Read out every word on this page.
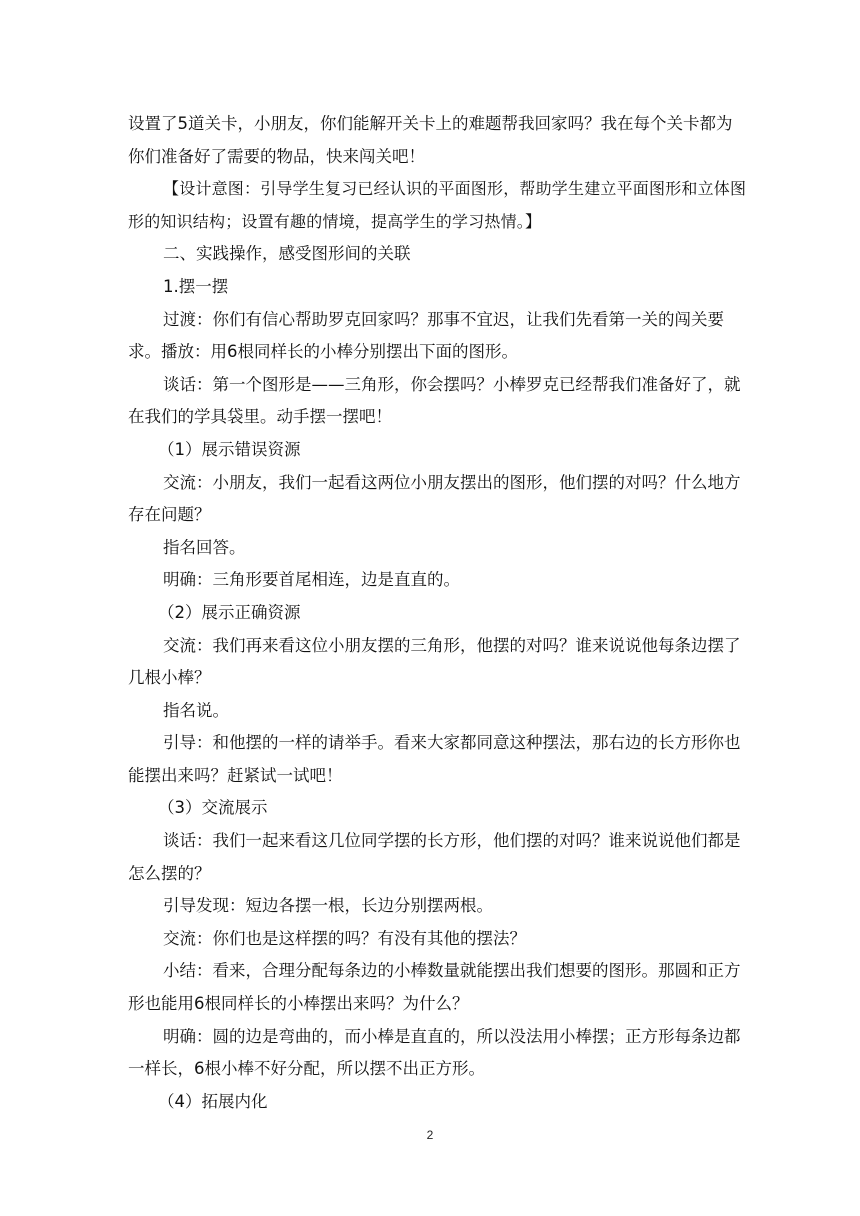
设置了5道关卡，小朋友，你们能解开关卡上的难题帮我回家吗？我在每个关卡都为你们准备好了需要的物品，快来闯关吧！

【设计意图：引导学生复习已经认识的平面图形，帮助学生建立平面图形和立体图形的知识结构；设置有趣的情境，提高学生的学习热情。】

二、实践操作，感受图形间的关联

1.摆一摆

过渡：你们有信心帮助罗克回家吗？那事不宜迟，让我们先看第一关的闯关要求。播放：用6根同样长的小棒分别摆出下面的图形。

谈话：第一个图形是——三角形，你会摆吗？小棒罗克已经帮我们准备好了，就在我们的学具袋里。动手摆一摆吧！

（1）展示错误资源

交流：小朋友，我们一起看这两位小朋友摆出的图形，他们摆的对吗？什么地方存在问题？

指名回答。

明确：三角形要首尾相连，边是直直的。

（2）展示正确资源

交流：我们再来看这位小朋友摆的三角形，他摆的对吗？谁来说说他每条边摆了几根小棒？

指名说。

引导：和他摆的一样的请举手。看来大家都同意这种摆法，那右边的长方形你也能摆出来吗？赶紧试一试吧！

（3）交流展示

谈话：我们一起来看这几位同学摆的长方形，他们摆的对吗？谁来说说他们都是怎么摆的？

引导发现：短边各摆一根，长边分别摆两根。

交流：你们也是这样摆的吗？有没有其他的摆法？

小结：看来，合理分配每条边的小棒数量就能摆出我们想要的图形。那圆和正方形也能用6根同样长的小棒摆出来吗？为什么？

明确：圆的边是弯曲的，而小棒是直直的，所以没法用小棒摆；正方形每条边都一样长，6根小棒不好分配，所以摆不出正方形。

（4）拓展内化

2
